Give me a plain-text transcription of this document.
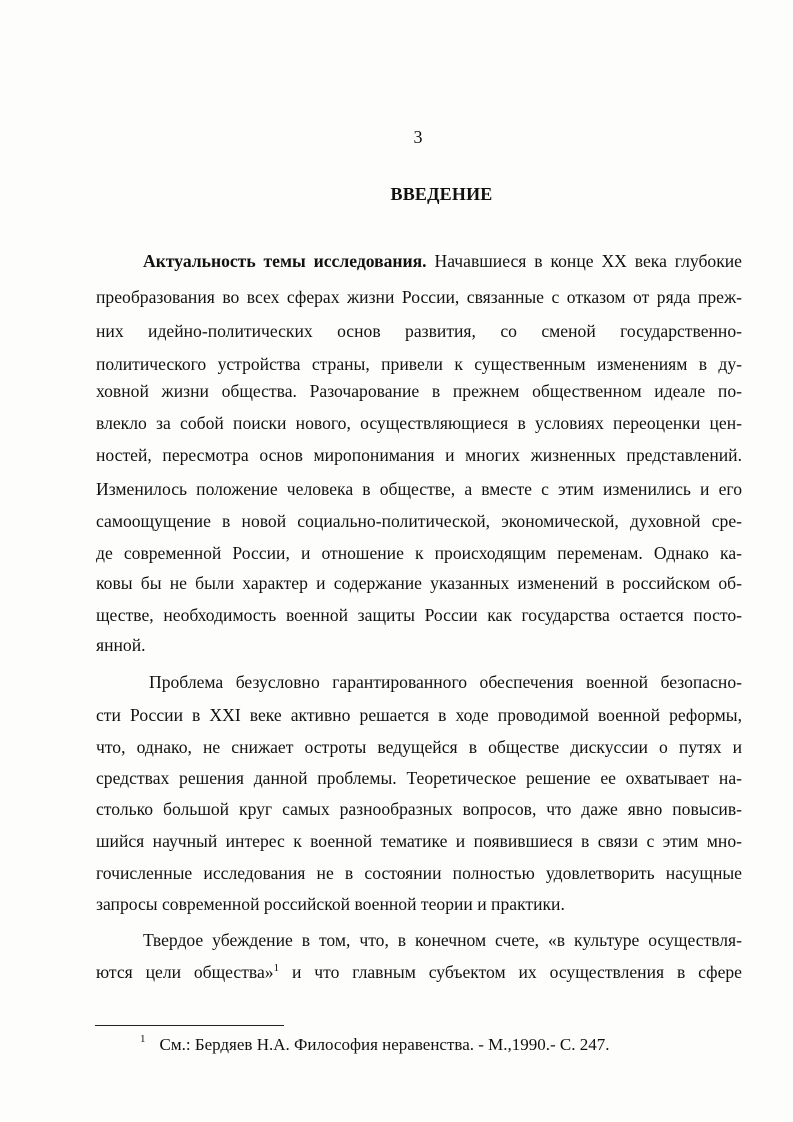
3
ВВЕДЕНИЕ
Актуальность темы исследования. Начавшиеся в конце ХХ века глубокие
преобразования во всех сферах жизни России, связанные с отказом от ряда преж-
них идейно-политических основ развития, со сменой государственно-
политического устройства страны, привели к существенным изменениям в ду-
ховной жизни общества. Разочарование в прежнем общественном идеале по-
влекло за собой поиски нового, осуществляющиеся в условиях переоценки цен-
ностей, пересмотра основ миропонимания и многих жизненных представлений.
Изменилось положение человека в обществе, а вместе с этим изменились и его
самоощущение в новой социально-политической, экономической, духовной сре-
де современной России, и отношение к происходящим переменам. Однако ка-
ковы бы не были характер и содержание указанных изменений в российском об-
ществе, необходимость военной защиты России как государства остается посто-
янной.
Проблема безусловно гарантированного обеспечения военной безопасно-
сти России в XXI веке активно решается в ходе проводимой военной реформы,
что, однако, не снижает остроты ведущейся в обществе дискуссии о путях и
средствах решения данной проблемы. Теоретическое решение ее охватывает на-
столько большой круг самых разнообразных вопросов, что даже явно повысив-
шийся научный интерес к военной тематике и появившиеся в связи с этим мно-
гочисленные исследования не в состоянии полностью удовлетворить насущные
запросы современной российской военной теории и практики.
Твердое убеждение в том, что, в конечном счете, «в культуре осуществля-
ются цели общества»$^1$ и что главным субъектом их осуществления в сфере
$^1$ См.: Бердяев Н.А. Философия неравенства. - М.,1990.- С. 247.
